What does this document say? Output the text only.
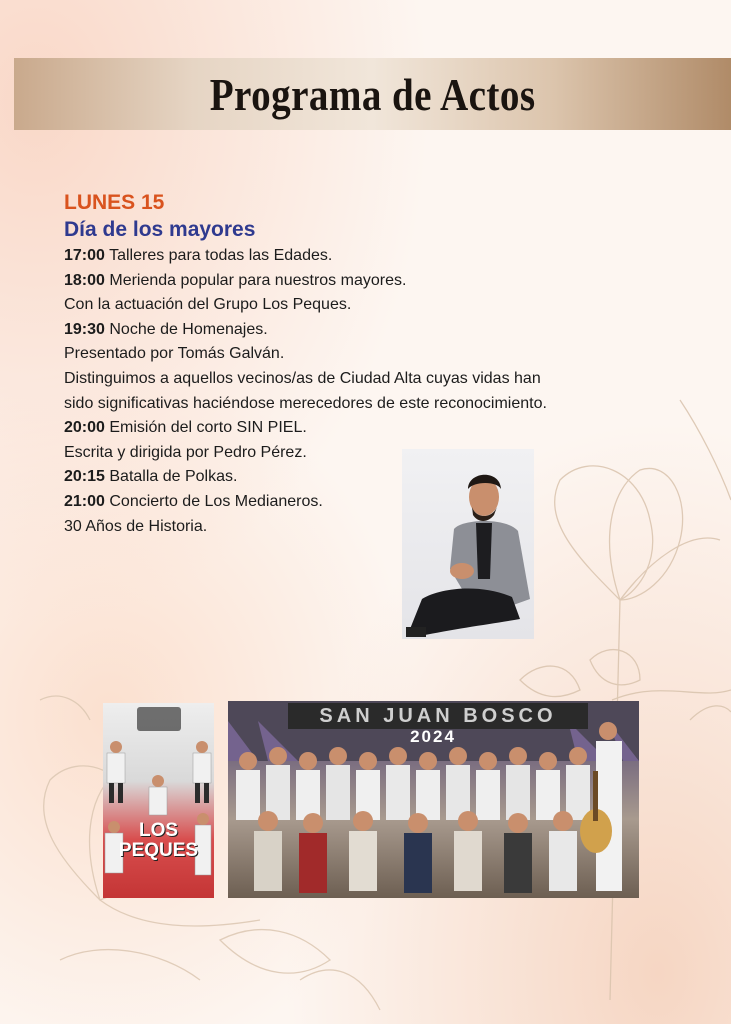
Programa de Actos

LUNES 15

Día de los mayores

17:00 Talleres para todas las Edades.

18:00 Merienda popular para nuestros mayores.

Con la actuación del Grupo Los Peques.

19:30 Noche de Homenajes.

Presentado por Tomás Galván.

Distinguimos a aquellos vecinos/as de Ciudad Alta cuyas vidas han

sido significativas haciéndose merecedores de este reconocimiento.

20:00 Emisión del corto SIN PIEL.

Escrita y dirigida por Pedro Pérez.

20:15 Batalla de Polkas.

21:00 Concierto de Los Medianeros.

30 Años de Historia.

LOS
PEQUES
SAN JUAN BOSCO
2024
